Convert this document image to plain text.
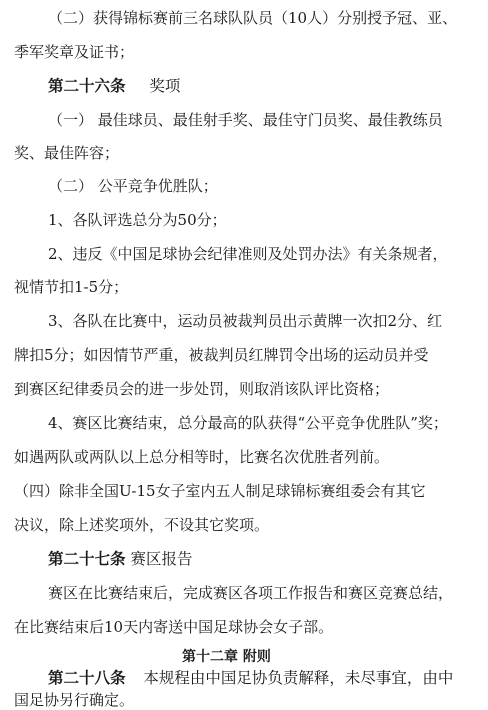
（二）获得锦标赛前三名球队队员（10人）分别授予冠、亚、
季军奖章及证书；
第二十六条 奖项
（一） 最佳球员、最佳射手奖、最佳守门员奖、最佳教练员
奖、最佳阵容；
（二） 公平竞争优胜队；
1、各队评选总分为50分；
2、违反《中国足球协会纪律准则及处罚办法》有关条规者，
视情节扣1-5分；
3、各队在比赛中，运动员被裁判员出示黄牌一次扣2分、红
牌扣5分；如因情节严重，被裁判员红牌罚令出场的运动员并受
到赛区纪律委员会的进一步处罚，则取消该队评比资格；
4、赛区比赛结束，总分最高的队获得“公平竞争优胜队”奖；
如遇两队或两队以上总分相等时，比赛名次优胜者列前。
（四）除非全国U-15女子室内五人制足球锦标赛组委会有其它
决议，除上述奖项外，不设其它奖项。
第二十七条 赛区报告
赛区在比赛结束后，完成赛区各项工作报告和赛区竞赛总结，
在比赛结束后10天内寄送中国足球协会女子部。
第十二章 附则
第二十八条 本规程由中国足协负责解释，未尽事宜，由中
国足协另行确定。
